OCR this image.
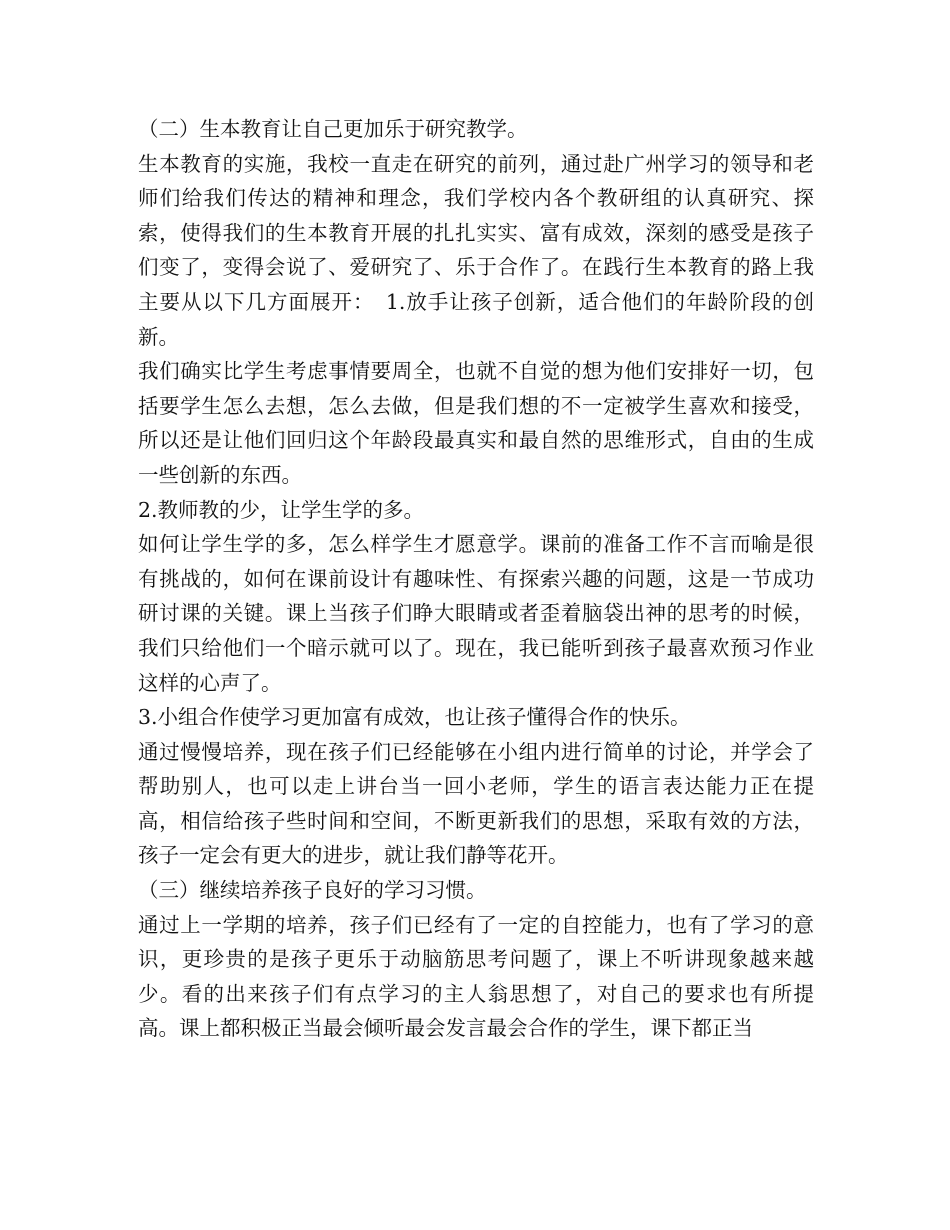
（二）生本教育让自己更加乐于研究教学。

生本教育的实施，我校一直走在研究的前列，通过赴广州学习的领导和老师们给我们传达的精神和理念，我们学校内各个教研组的认真研究、探索，使得我们的生本教育开展的扎扎实实、富有成效，深刻的感受是孩子们变了，变得会说了、爱研究了、乐于合作了。在践行生本教育的路上我主要从以下几方面展开：　1.放手让孩子创新，适合他们的年龄阶段的创新。

我们确实比学生考虑事情要周全，也就不自觉的想为他们安排好一切，包括要学生怎么去想，怎么去做，但是我们想的不一定被学生喜欢和接受，所以还是让他们回归这个年龄段最真实和最自然的思维形式，自由的生成一些创新的东西。

2.教师教的少，让学生学的多。

如何让学生学的多，怎么样学生才愿意学。课前的准备工作不言而喻是很有挑战的，如何在课前设计有趣味性、有探索兴趣的问题，这是一节成功研讨课的关键。课上当孩子们睁大眼睛或者歪着脑袋出神的思考的时候，我们只给他们一个暗示就可以了。现在，我已能听到孩子最喜欢预习作业这样的心声了。

3.小组合作使学习更加富有成效，也让孩子懂得合作的快乐。

通过慢慢培养，现在孩子们已经能够在小组内进行简单的讨论，并学会了帮助别人，也可以走上讲台当一回小老师，学生的语言表达能力正在提高，相信给孩子些时间和空间，不断更新我们的思想，采取有效的方法，孩子一定会有更大的进步，就让我们静等花开。

（三）继续培养孩子良好的学习习惯。

通过上一学期的培养，孩子们已经有了一定的自控能力，也有了学习的意识，更珍贵的是孩子更乐于动脑筋思考问题了，课上不听讲现象越来越少。看的出来孩子们有点学习的主人翁思想了，对自己的要求也有所提高。课上都积极正当最会倾听最会发言最会合作的学生，课下都正当
